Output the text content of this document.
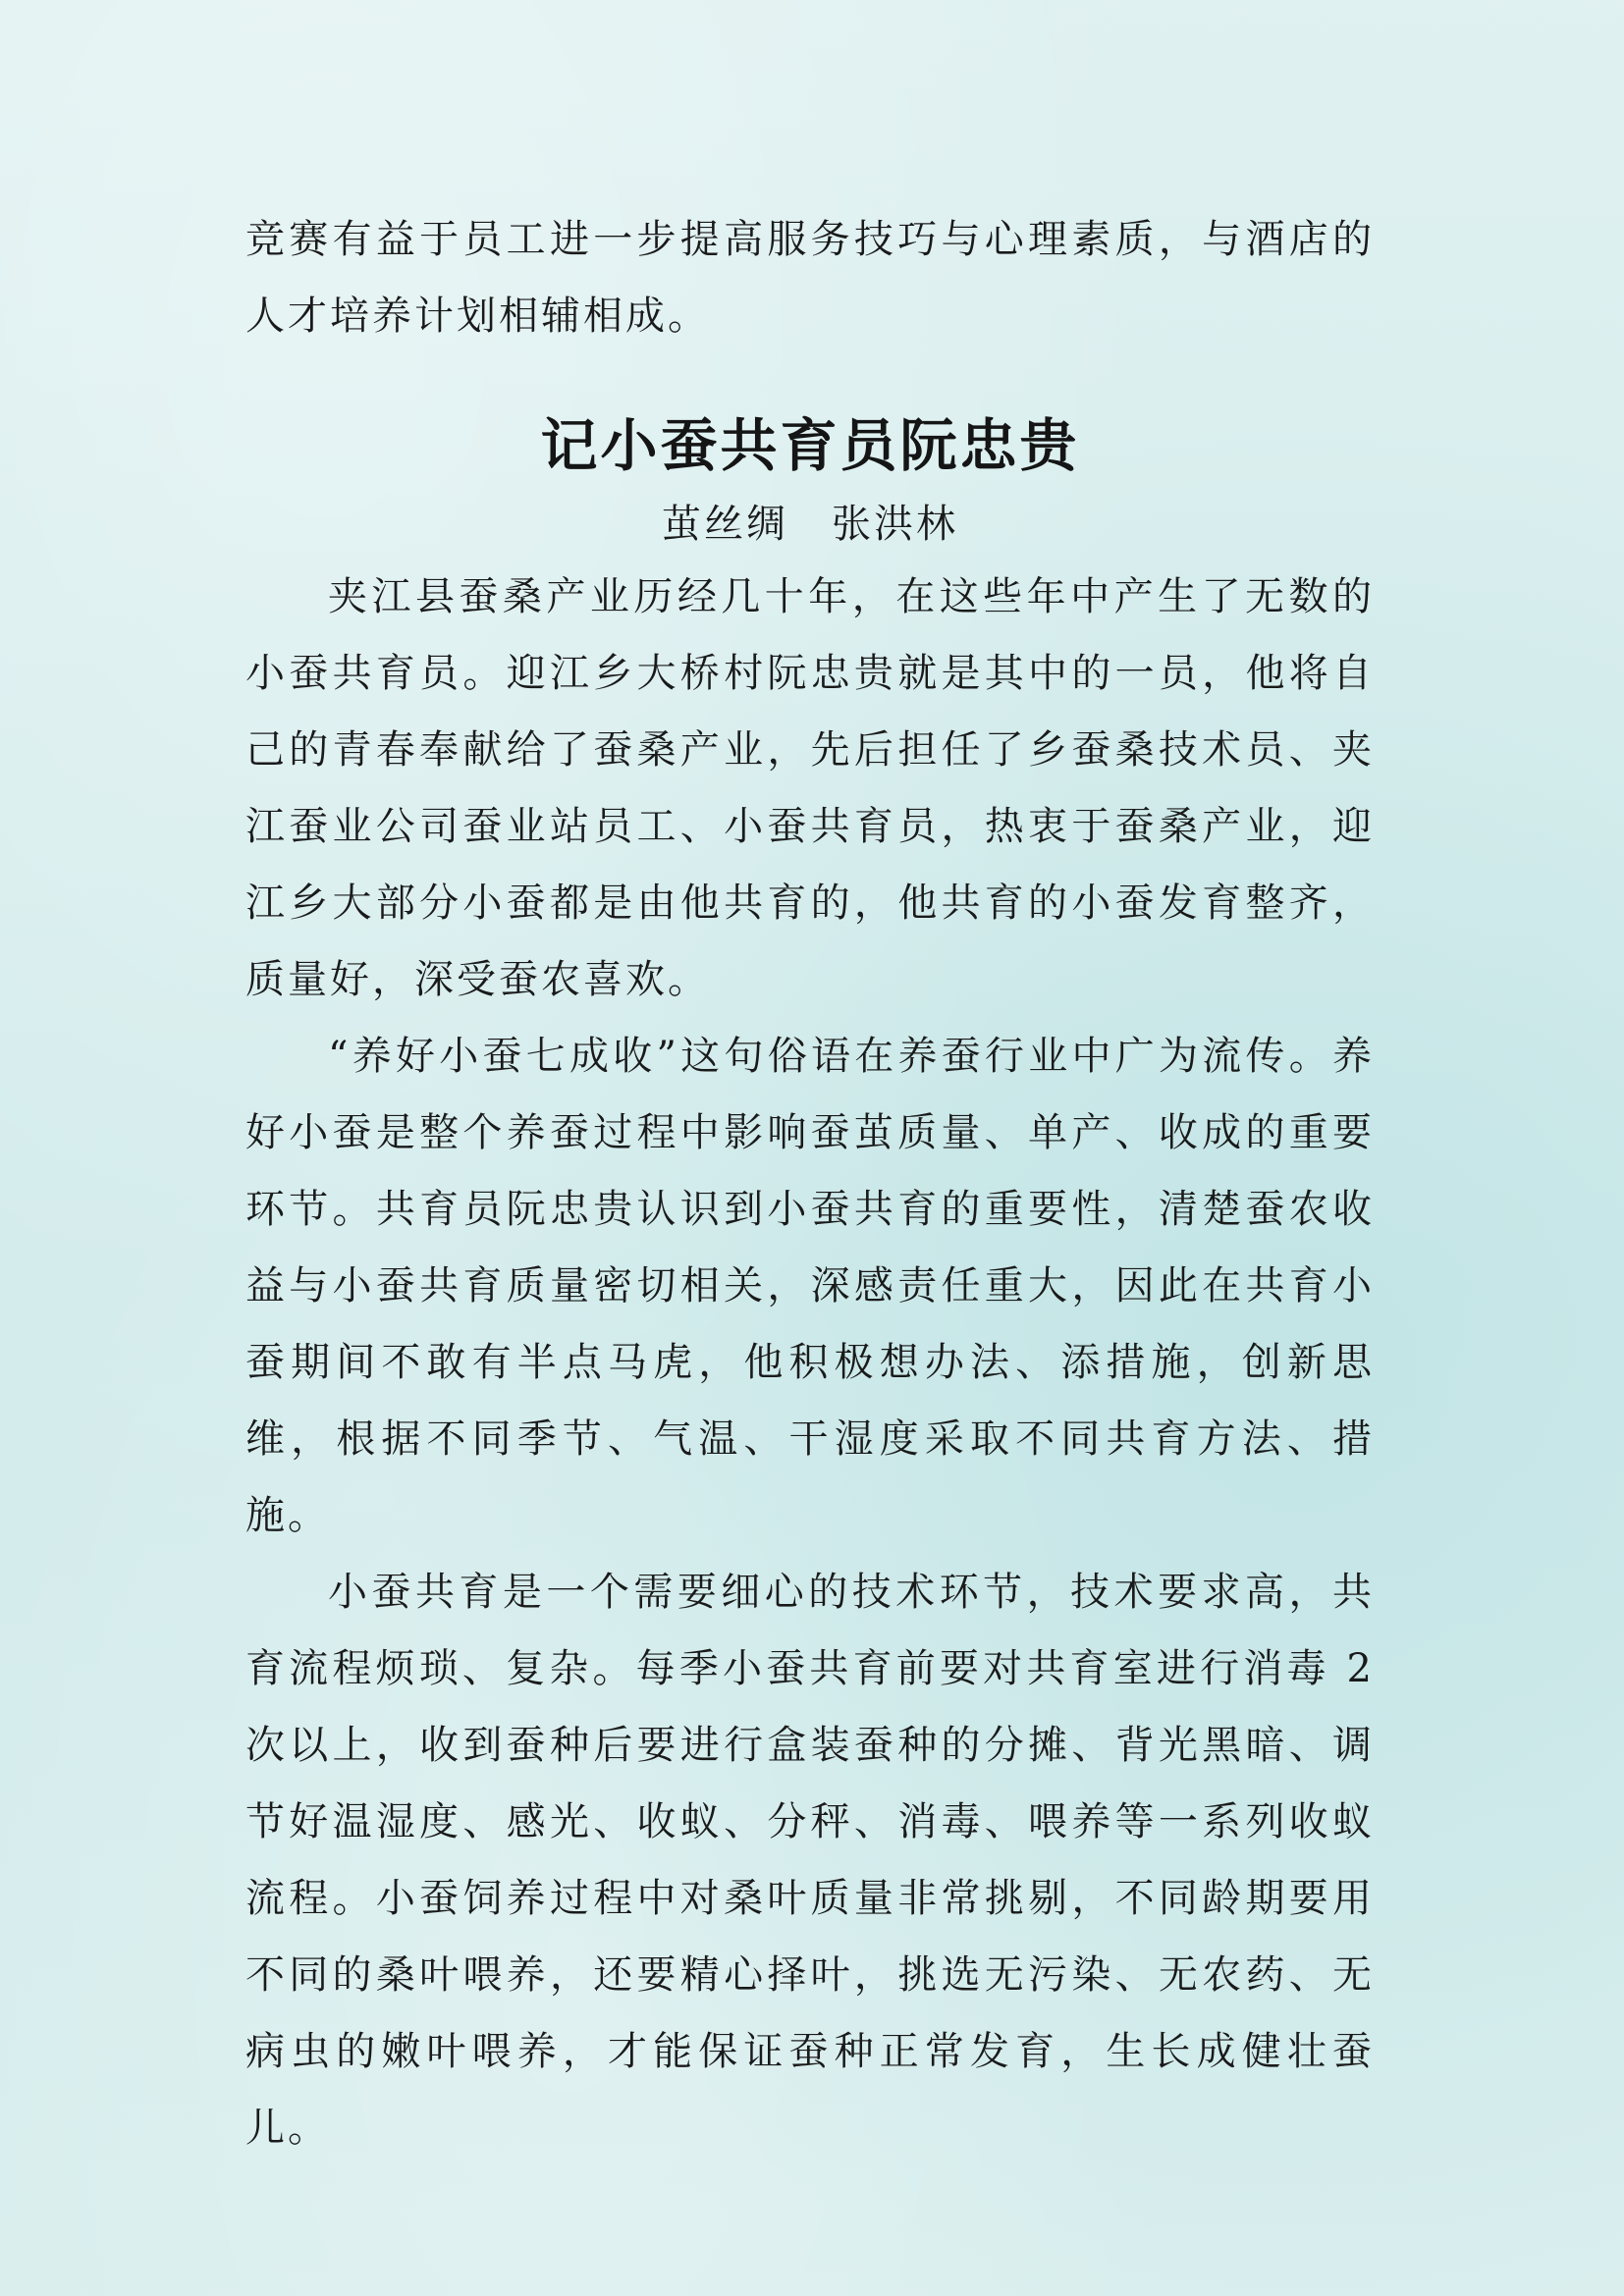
竞赛有益于员工进一步提高服务技巧与心理素质，与酒店的人才培养计划相辅相成。

记小蚕共育员阮忠贵

茧丝绸 张洪林

夹江县蚕桑产业历经几十年，在这些年中产生了无数的小蚕共育员。迎江乡大桥村阮忠贵就是其中的一员，他将自己的青春奉献给了蚕桑产业，先后担任了乡蚕桑技术员、夹江蚕业公司蚕业站员工、小蚕共育员，热衷于蚕桑产业，迎江乡大部分小蚕都是由他共育的，他共育的小蚕发育整齐，质量好，深受蚕农喜欢。

“养好小蚕七成收”这句俗语在养蚕行业中广为流传。养好小蚕是整个养蚕过程中影响蚕茧质量、单产、收成的重要环节。共育员阮忠贵认识到小蚕共育的重要性，清楚蚕农收益与小蚕共育质量密切相关，深感责任重大，因此在共育小蚕期间不敢有半点马虎，他积极想办法、添措施，创新思维，根据不同季节、气温、干湿度采取不同共育方法、措施。

小蚕共育是一个需要细心的技术环节，技术要求高，共育流程烦琐、复杂。每季小蚕共育前要对共育室进行消毒 2 次以上，收到蚕种后要进行盒装蚕种的分摊、背光黑暗、调节好温湿度、感光、收蚁、分秤、消毒、喂养等一系列收蚁流程。小蚕饲养过程中对桑叶质量非常挑剔，不同龄期要用不同的桑叶喂养，还要精心择叶，挑选无污染、无农药、无病虫的嫩叶喂养，才能保证蚕种正常发育，生长成健壮蚕儿。
